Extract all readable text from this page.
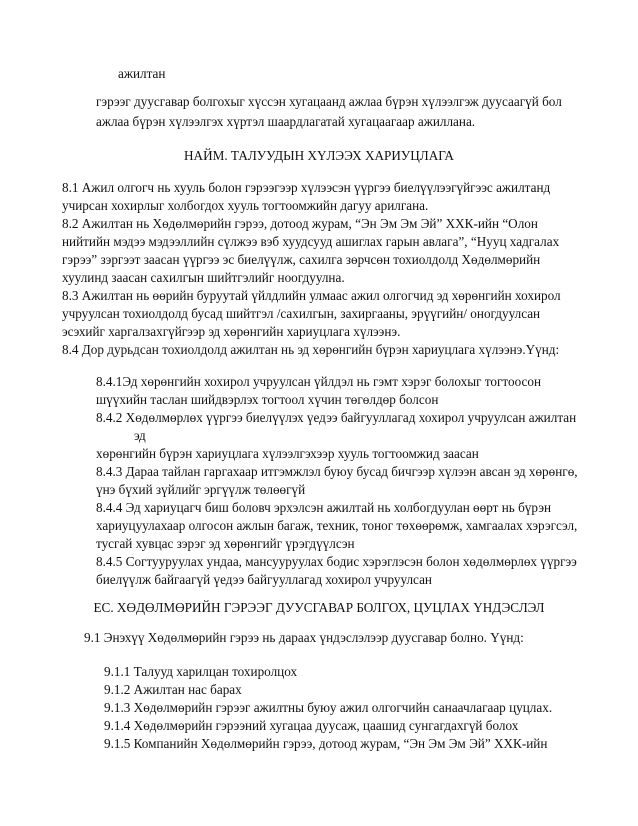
ажилтан

гэрээг дуусгавар болгохыг хүссэн хугацаанд ажлаа бүрэн хүлээлгэж дуусаагүй бол

ажлаа бүрэн хүлээлгэх хүртэл шаардлагатай хугацаагаар ажиллана.

НАЙМ. ТАЛУУДЫН ХҮЛЭЭХ ХАРИУЦЛАГА

8.1 Ажил олгогч нь хууль болон гэрээгээр хүлээсэн үүргээ биелүүлээгүйгээс ажилтанд

учирсан хохирлыг холбогдох хууль тогтоомжийн дагуу арилгана.

8.2 Ажилтан нь Хөдөлмөрийн гэрээ, дотоод журам, “Эн Эм Эм Эй” ХХК-ийн “Олон

нийтийн мэдээ мэдээллийн сүлжээ вэб хуудсууд ашиглах гарын авлага”, “Нууц хадгалах

гэрээ” зэргээт заасан үүргээ эс биелүүлж, сахилга зөрчсөн тохиолдолд Хөдөлмөрийн

хуулинд заасан сахилгын шийтгэлийг ноогдуулна.

8.3 Ажилтан нь өөрийн буруутай үйлдлийн улмаас ажил олгогчид эд хөрөнгийн хохирол

учруулсан тохиолдолд бусад шийтгэл /сахилгын, захиргааны, эрүүгийн/ оногдуулсан

эсэхийг харгалзахгүйгээр эд хөрөнгийн хариуцлага хүлээнэ.

8.4 Дор дурьдсан тохиолдолд ажилтан нь эд хөрөнгийн бүрэн хариуцлага хүлээнэ.Үүнд:

8.4.1Эд хөрөнгийн хохирол учруулсан үйлдэл нь гэмт хэрэг болохыг тогтоосон

шүүхийн таслан шийдвэрлэх тогтоол хүчин төгөлдөр болсон

8.4.2 Хөдөлмөрлөх үүргээ биелүүлэх үедээ байгууллагад хохирол учруулсан ажилтан

эд

хөрөнгийн бүрэн хариуцлага хүлээлгэхээр хууль тогтоомжид заасан

8.4.3 Дараа тайлан гаргахаар итгэмжлэл буюу бусад бичгээр хүлээн авсан эд хөрөнгө,

үнэ бүхий зүйлийг эргүүлж төлөөгүй

8.4.4 Эд хариуцагч биш боловч эрхэлсэн ажилтай нь холбогдуулан өөрт нь бүрэн

хариуцуулахаар олгосон ажлын багаж, техник, тоног төхөөрөмж, хамгаалах хэрэгсэл,

тусгай хувцас зэрэг эд хөрөнгийг үрэгдүүлсэн

8.4.5 Согтууруулах ундаа, мансууруулах бодис хэрэглэсэн болон хөдөлмөрлөх үүргээ

биелүүлж байгаагүй үедээ байгууллагад хохирол учруулсан

ЕС. ХӨДӨЛМӨРИЙН ГЭРЭЭГ ДУУСГАВАР БОЛГОХ, ЦУЦЛАХ ҮНДЭСЛЭЛ

9.1 Энэхүү Хөдөлмөрийн гэрээ нь дараах үндэслэлээр дуусгавар болно. Үүнд:

9.1.1 Талууд харилцан тохиролцох

9.1.2 Ажилтан нас барах

9.1.3 Хөдөлмөрийн гэрээг ажилтны буюу ажил олгогчийн санаачлагаар цуцлах.

9.1.4 Хөдөлмөрийн гэрээний хугацаа дуусаж, цаашид сунгагдахгүй болох

9.1.5 Компанийн Хөдөлмөрийн гэрээ, дотоод журам, “Эн Эм Эм Эй” ХХК-ийн
